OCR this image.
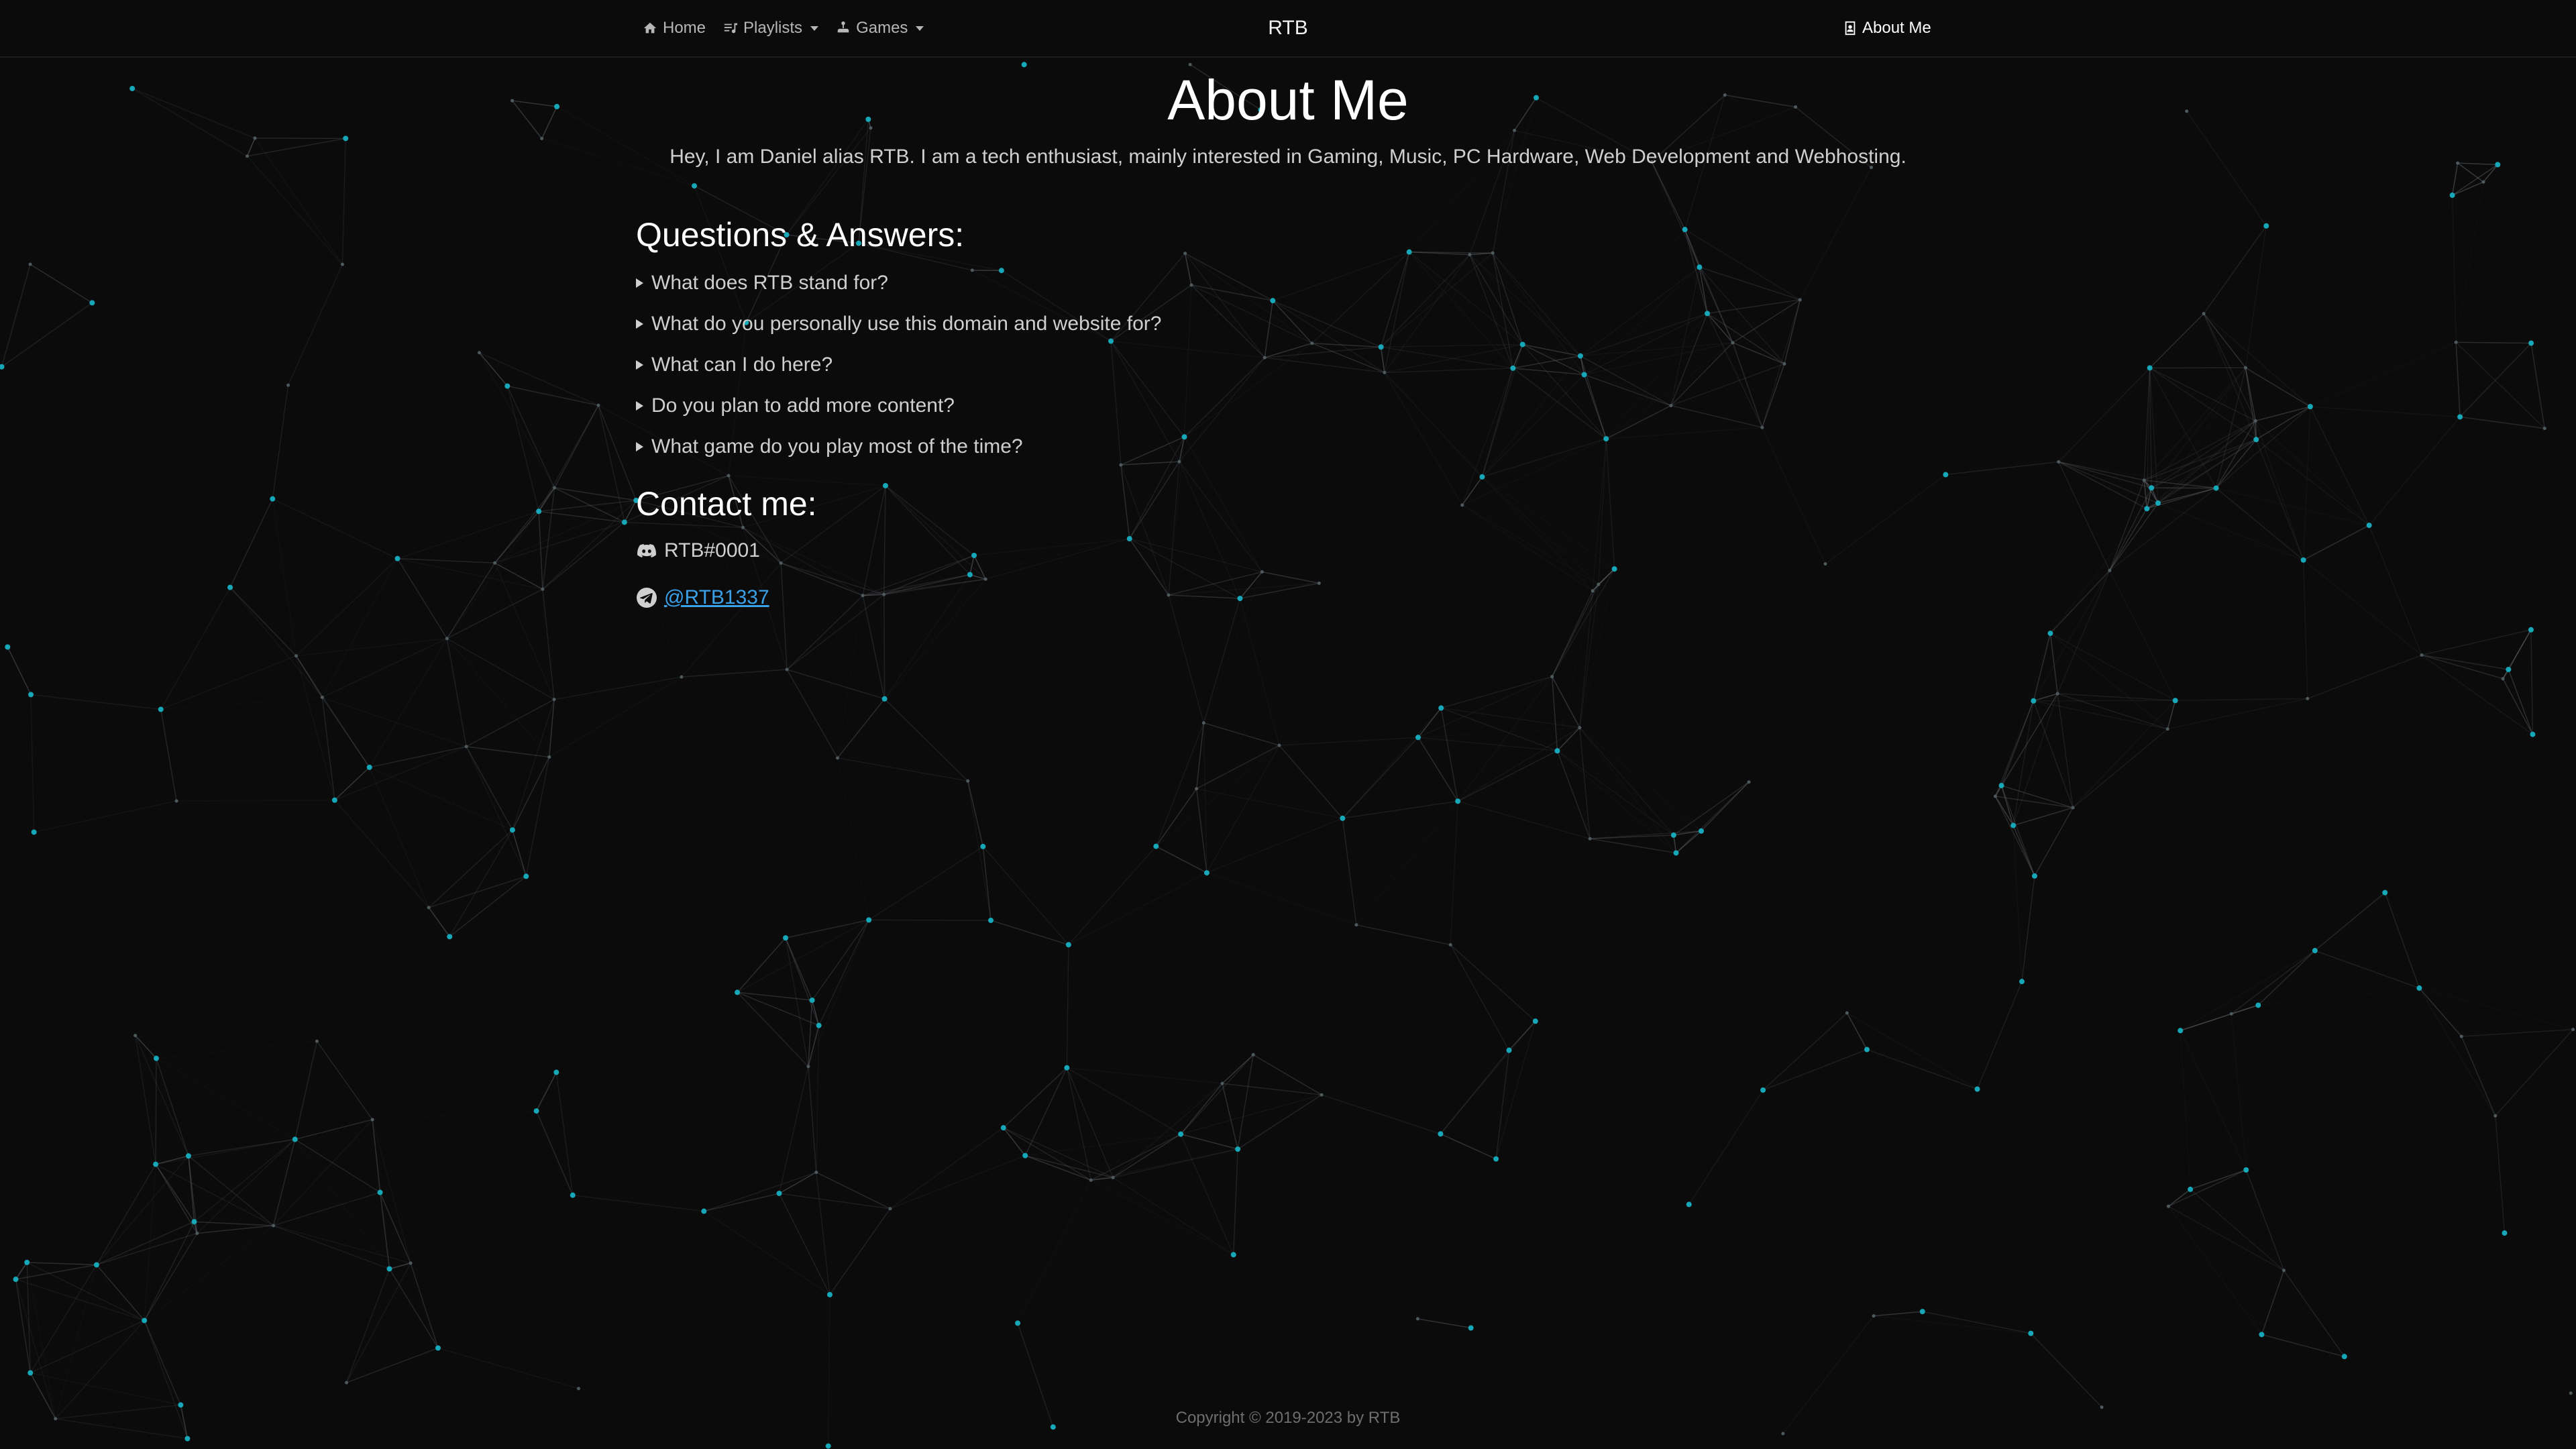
Home Playlists	Games	RTB	About Me
About Me

Hey, I am Daniel alias RTB. I am a tech enthusiast, mainly interested in Gaming, Music, PC Hardware, Web Development and Webhosting.

Questions & Answers:
What does RTB stand for?
What do you personally use this domain and website for?
What can I do here?
Do you plan to add more content?
What game do you play most of the time?
Contact me:
RTB#0001
@RTB1337
Copyright © 2019-2023 by RTB
